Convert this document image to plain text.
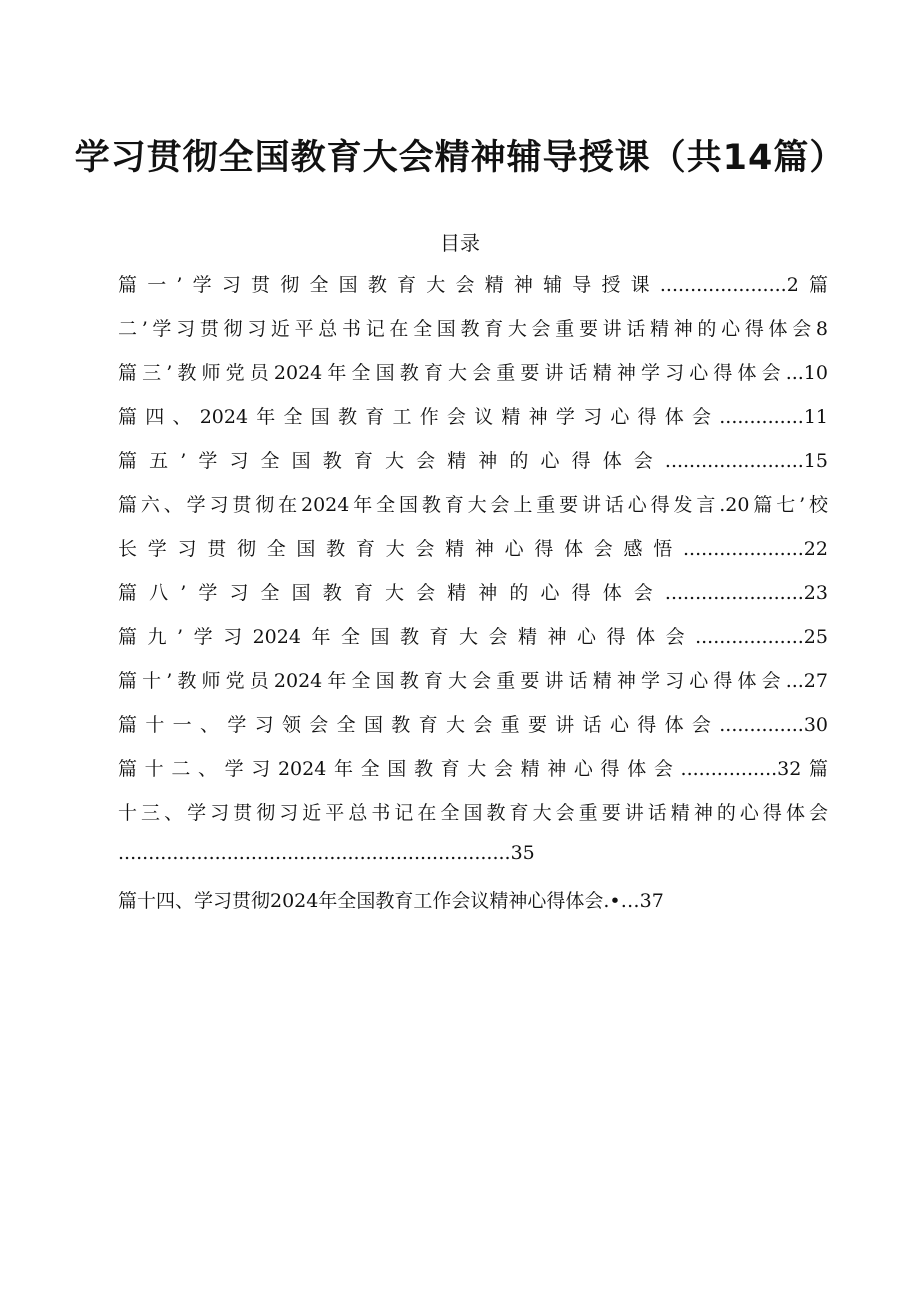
学习贯彻全国教育大会精神辅导授课（共14篇）
目录
篇一’学习贯彻全国教育大会精神辅导授课.....................2篇
二’学习贯彻习近平总书记在全国教育大会重要讲话精神的心得体会8
篇三’教师党员2024年全国教育大会重要讲话精神学习心得体会...10
篇四、2024年全国教育工作会议精神学习心得体会..............11
篇五’学习全国教育大会精神的心得体会.......................15
篇六、学习贯彻在2024年全国教育大会上重要讲话心得发言.20篇七’校
长学习贯彻全国教育大会精神心得体会感悟....................22
篇八’学习全国教育大会精神的心得体会.......................23
篇九’学习2024年全国教育大会精神心得体会..................25
篇十’教师党员2024年全国教育大会重要讲话精神学习心得体会...27
篇十一、学习领会全国教育大会重要讲话心得体会..............30
篇十二、学习2024年全国教育大会精神心得体会................32篇
十三、学习贯彻习近平总书记在全国教育大会重要讲话精神的心得体会
.................................................................35
篇十四、学习贯彻2024年全国教育工作会议精神心得体会.•…37
